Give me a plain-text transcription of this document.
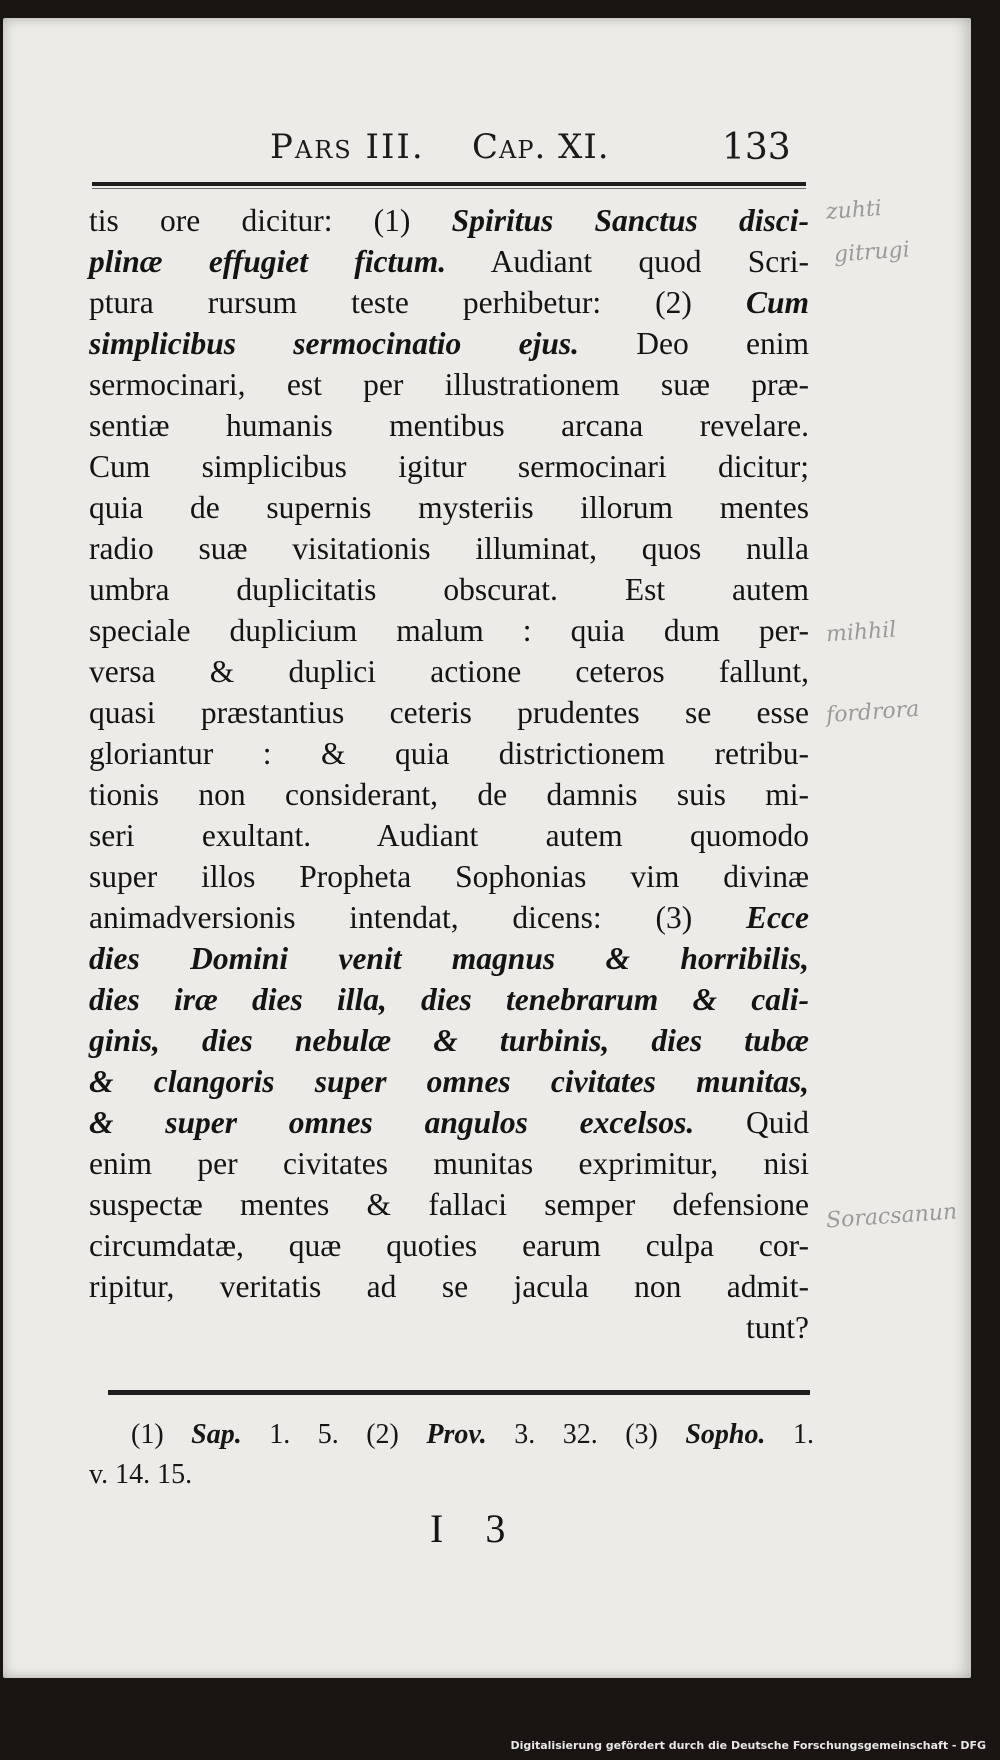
Pars III. Cap. XI.	133
tis ore dicitur: (1) Spiritus Sanctus disci-
plinæ effugiet fictum. Audiant quod Scri-
ptura rursum teste perhibetur: (2) Cum
simplicibus sermocinatio ejus. Deo enim
sermocinari, est per illustrationem suæ præ-
sentiæ humanis mentibus arcana revelare.
Cum simplicibus igitur sermocinari dicitur;
quia de supernis mysteriis illorum mentes
radio suæ visitationis illuminat, quos nulla
umbra duplicitatis obscurat. Est autem
speciale duplicium malum : quia dum per-
versa & duplici actione ceteros fallunt,
quasi præstantius ceteris prudentes se esse
gloriantur : & quia districtionem retribu-
tionis non considerant, de damnis suis mi-
seri exultant. Audiant autem quomodo
super illos Propheta Sophonias vim divinæ
animadversionis intendat, dicens: (3) Ecce
dies Domini venit magnus & horribilis,
dies iræ dies illa, dies tenebrarum & cali-
ginis, dies nebulæ & turbinis, dies tubæ
& clangoris super omnes civitates munitas,
& super omnes angulos excelsos. Quid
enim per civitates munitas exprimitur, nisi
suspectæ mentes & fallaci semper defensione
circumdatæ, quæ quoties earum culpa cor-
ripitur, veritatis ad se jacula non admit-
tunt?
(1) Sap. 1. 5. (2) Prov. 3. 32. (3) Sopho. 1.
v. 14. 15.
I 3
zuhti
gitrugi
mihhil
fordrora
Soracsanun
Digitalisierung gefördert durch die Deutsche Forschungsgemeinschaft - DFG
